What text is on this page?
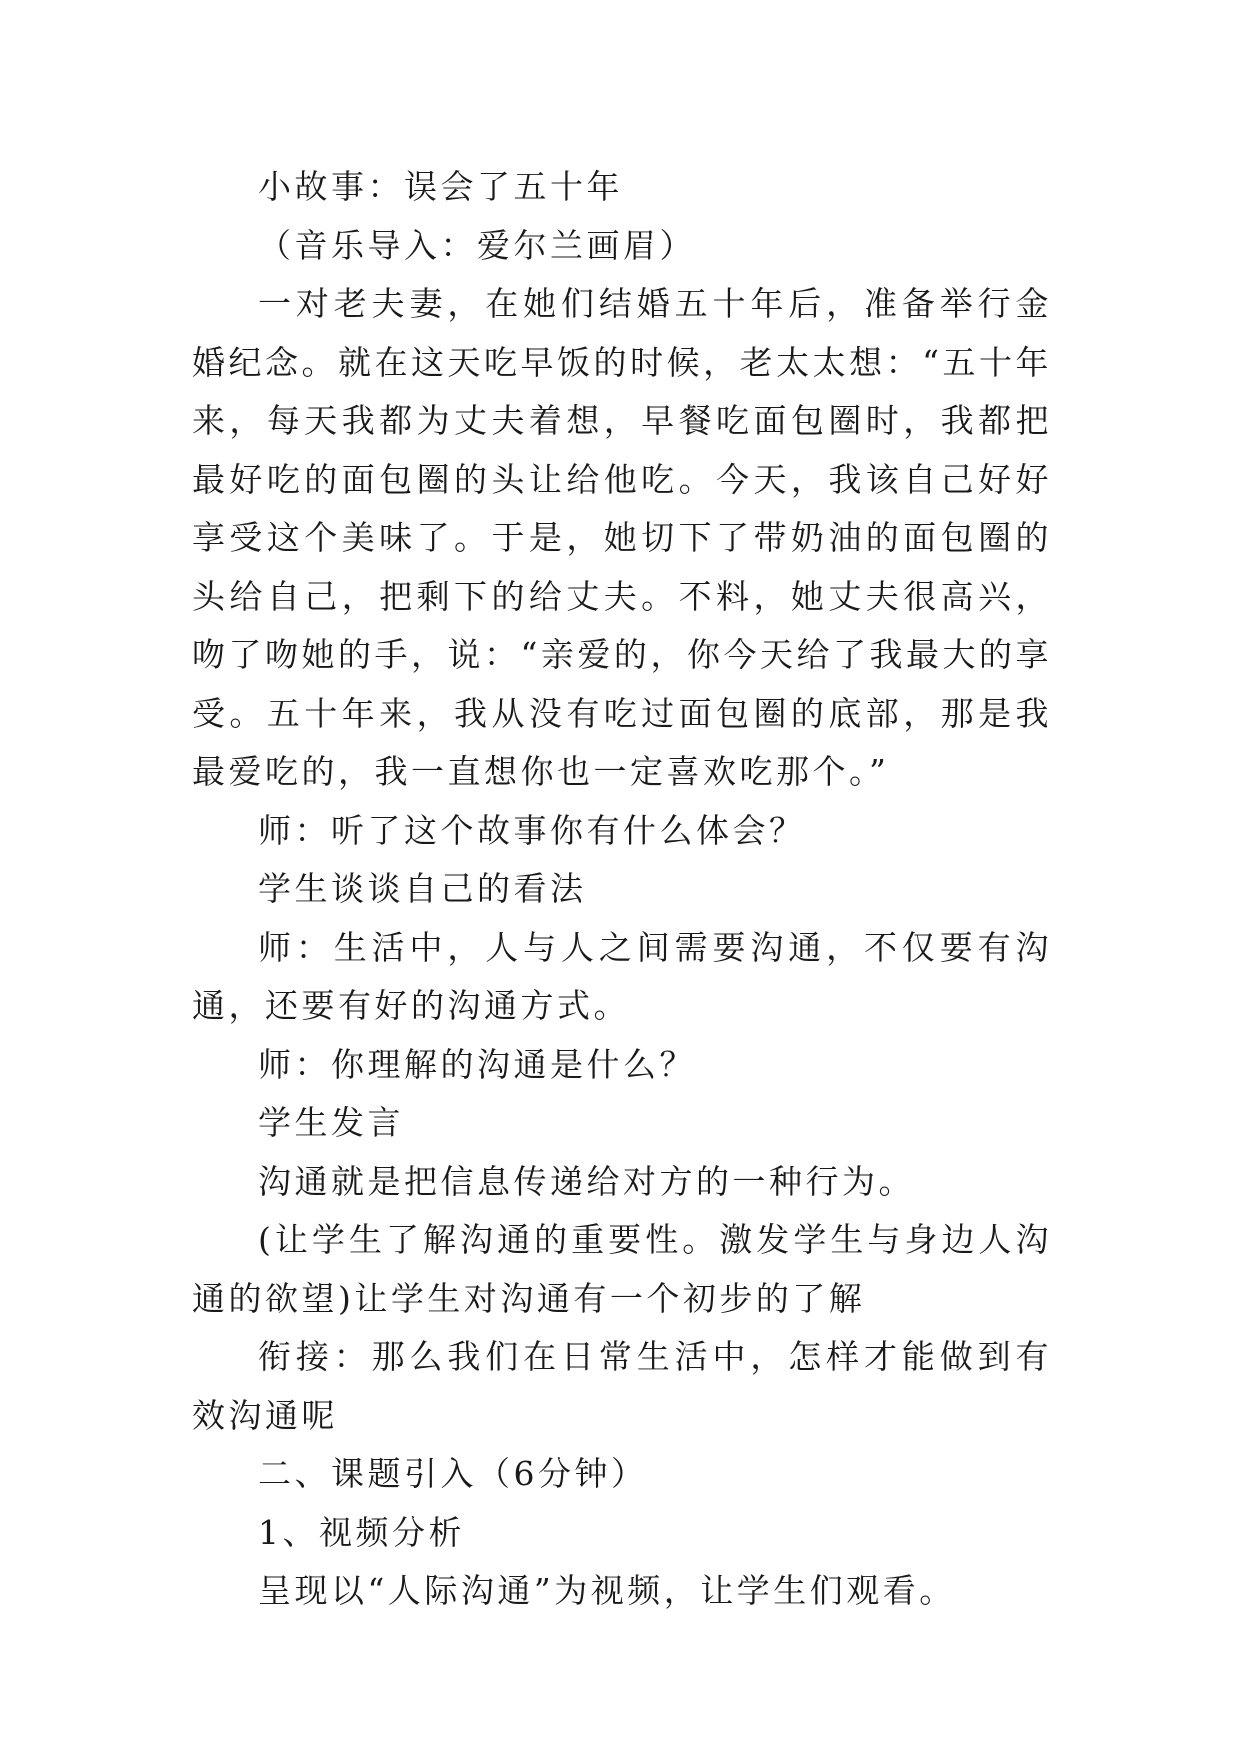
小故事：误会了五十年

（音乐导入：爱尔兰画眉）

一对老夫妻，在她们结婚五十年后，准备举行金婚纪念。就在这天吃早饭的时候，老太太想：“五十年来，每天我都为丈夫着想，早餐吃面包圈时，我都把最好吃的面包圈的头让给他吃。今天，我该自己好好享受这个美味了。于是，她切下了带奶油的面包圈的头给自己，把剩下的给丈夫。不料，她丈夫很高兴，吻了吻她的手，说：“亲爱的，你今天给了我最大的享受。五十年来，我从没有吃过面包圈的底部，那是我最爱吃的，我一直想你也一定喜欢吃那个。”

师：听了这个故事你有什么体会？

学生谈谈自己的看法

师：生活中，人与人之间需要沟通，不仅要有沟通，还要有好的沟通方式。

师：你理解的沟通是什么？

学生发言

沟通就是把信息传递给对方的一种行为。

(让学生了解沟通的重要性。激发学生与身边人沟通的欲望)让学生对沟通有一个初步的了解

衔接：那么我们在日常生活中，怎样才能做到有效沟通呢

二、课题引入（6分钟）

1、视频分析

呈现以“人际沟通”为视频，让学生们观看。
